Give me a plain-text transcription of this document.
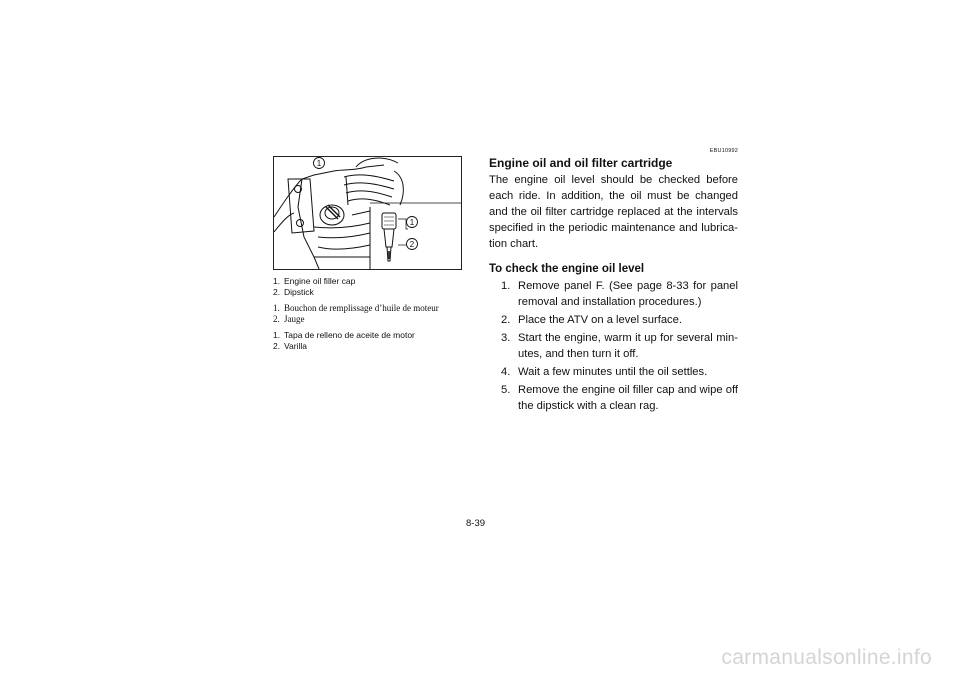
1
1
2
1. Engine oil filler cap
2. Dipstick
1. Bouchon de remplissage d’huile de moteur
2. Jauge
1. Tapa de relleno de aceite de motor
2. Varilla
EBU10992
Engine oil and oil filter cartridge
The engine oil level should be checked before each ride. In addition, the oil must be changed and the oil filter cartridge replaced at the intervals specified in the periodic maintenance and lubrica-tion chart.
To check the engine oil level
1. Remove panel F. (See page 8-33 for panel removal and installation procedures.)
2. Place the ATV on a level surface.
3. Start the engine, warm it up for several min-utes, and then turn it off.
4. Wait a few minutes until the oil settles.
5. Remove the engine oil filler cap and wipe off the dipstick with a clean rag.
8-39
carmanualsonline.info
